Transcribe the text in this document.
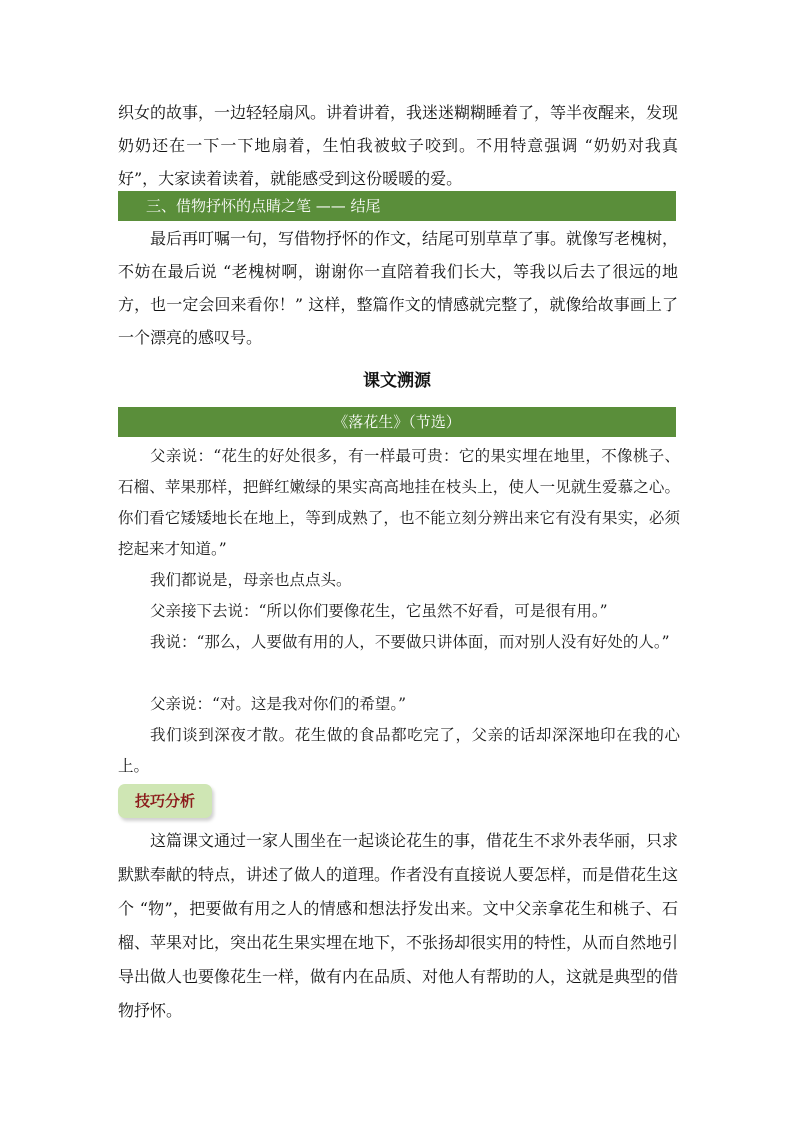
织女的故事，一边轻轻扇风。讲着讲着，我迷迷糊糊睡着了，等半夜醒来，发现奶奶还在一下一下地扇着，生怕我被蚊子咬到。不用特意强调 “奶奶对我真好”，大家读着读着，就能感受到这份暖暖的爱。

三、借物抒怀的点睛之笔 —— 结尾

最后再叮嘱一句，写借物抒怀的作文，结尾可别草草了事。就像写老槐树，不妨在最后说 “老槐树啊，谢谢你一直陪着我们长大，等我以后去了很远的地方，也一定会回来看你！” 这样，整篇作文的情感就完整了，就像给故事画上了一个漂亮的感叹号。

课文溯源
《落花生》（节选）

父亲说：“花生的好处很多，有一样最可贵：它的果实埋在地里，不像桃子、石榴、苹果那样，把鲜红嫩绿的果实高高地挂在枝头上，使人一见就生爱慕之心。你们看它矮矮地长在地上，等到成熟了，也不能立刻分辨出来它有没有果实，必须挖起来才知道。”

我们都说是，母亲也点点头。

父亲接下去说：“所以你们要像花生，它虽然不好看，可是很有用。”

我说：“那么，人要做有用的人，不要做只讲体面，而对别人没有好处的人。”

父亲说：“对。这是我对你们的希望。”

我们谈到深夜才散。花生做的食品都吃完了，父亲的话却深深地印在我的心上。

技巧分析

这篇课文通过一家人围坐在一起谈论花生的事，借花生不求外表华丽，只求默默奉献的特点，讲述了做人的道理。作者没有直接说人要怎样，而是借花生这个 “物”，把要做有用之人的情感和想法抒发出来。文中父亲拿花生和桃子、石榴、苹果对比，突出花生果实埋在地下，不张扬却很实用的特性，从而自然地引导出做人也要像花生一样，做有内在品质、对他人有帮助的人，这就是典型的借物抒怀。
